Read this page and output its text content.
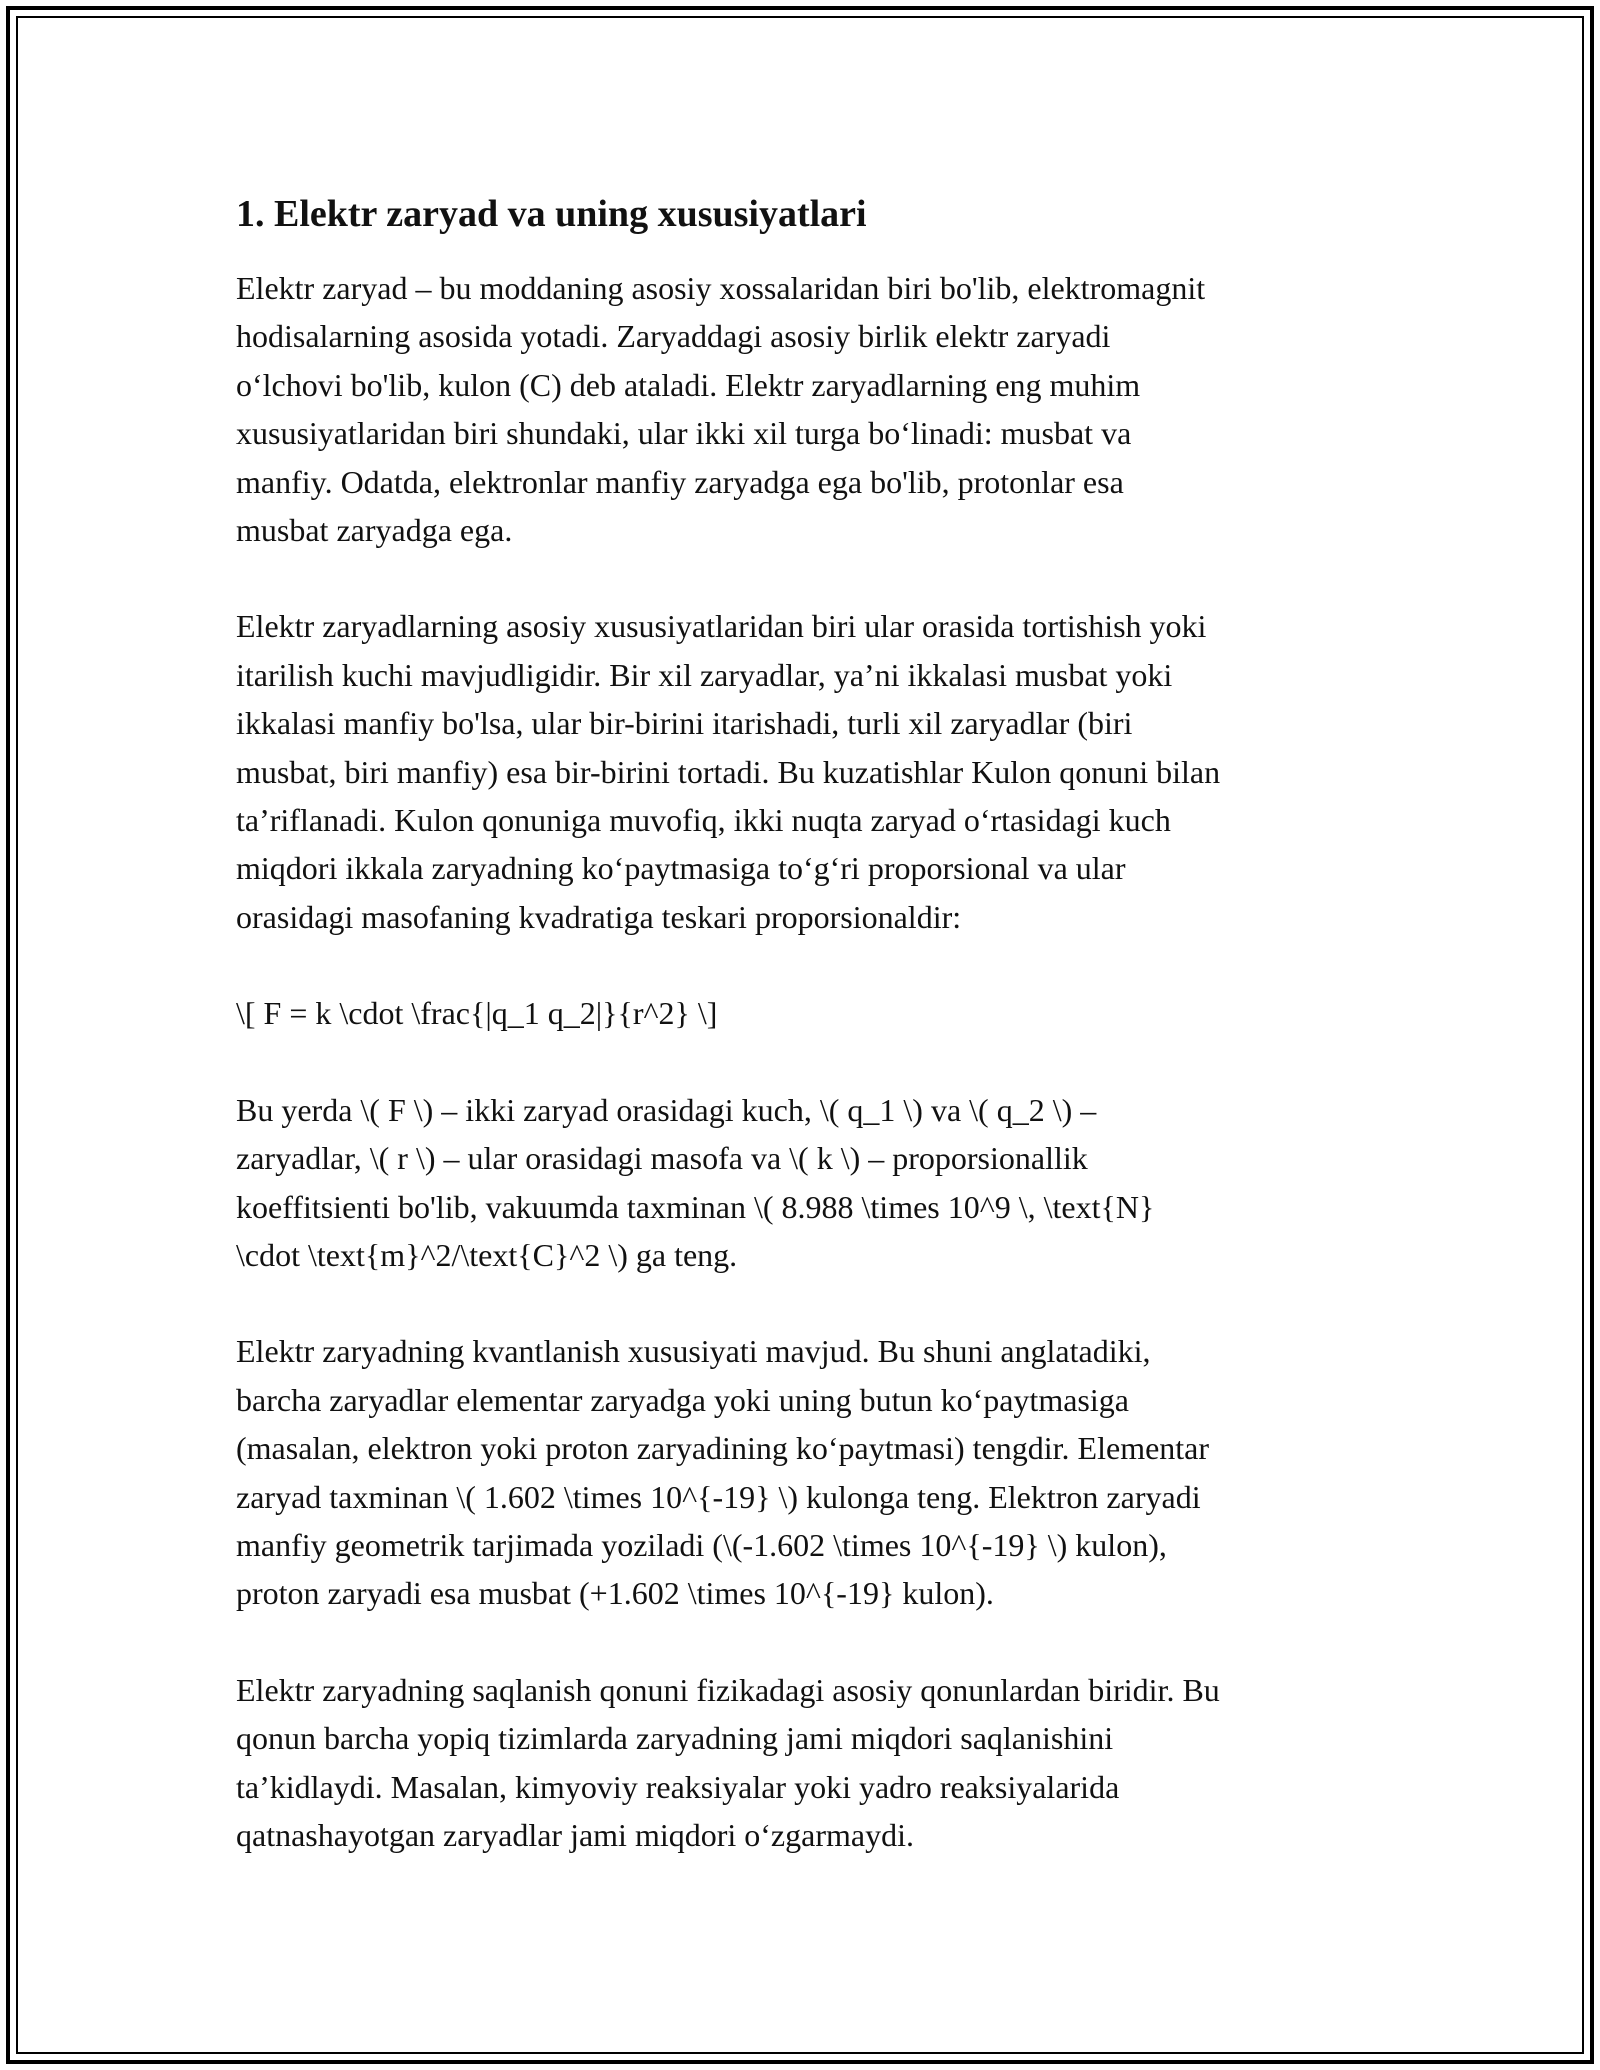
1. Elektr zaryad va uning xususiyatlari

Elektr zaryad – bu moddaning asosiy xossalaridan biri bo'lib, elektromagnit
hodisalarning asosida yotadi. Zaryaddagi asosiy birlik elektr zaryadi
o‘lchovi bo'lib, kulon (C) deb ataladi. Elektr zaryadlarning eng muhim
xususiyatlaridan biri shundaki, ular ikki xil turga bo‘linadi: musbat va
manfiy. Odatda, elektronlar manfiy zaryadga ega bo'lib, protonlar esa
musbat zaryadga ega.

Elektr zaryadlarning asosiy xususiyatlaridan biri ular orasida tortishish yoki
itarilish kuchi mavjudligidir. Bir xil zaryadlar, ya’ni ikkalasi musbat yoki
ikkalasi manfiy bo'lsa, ular bir-birini itarishadi, turli xil zaryadlar (biri
musbat, biri manfiy) esa bir-birini tortadi. Bu kuzatishlar Kulon qonuni bilan
ta’riflanadi. Kulon qonuniga muvofiq, ikki nuqta zaryad o‘rtasidagi kuch
miqdori ikkala zaryadning ko‘paytmasiga to‘g‘ri proporsional va ular
orasidagi masofaning kvadratiga teskari proporsionaldir:

\[ F = k \cdot \frac{|q_1 q_2|}{r^2} \]

Bu yerda \( F \) – ikki zaryad orasidagi kuch, \( q_1 \) va \( q_2 \) –
zaryadlar, \( r \) – ular orasidagi masofa va \( k \) – proporsionallik
koeffitsienti bo'lib, vakuumda taxminan \( 8.988 \times 10^9 \, \text{N}
\cdot \text{m}^2/\text{C}^2 \) ga teng.

Elektr zaryadning kvantlanish xususiyati mavjud. Bu shuni anglatadiki,
barcha zaryadlar elementar zaryadga yoki uning butun ko‘paytmasiga
(masalan, elektron yoki proton zaryadining ko‘paytmasi) tengdir. Elementar
zaryad taxminan \( 1.602 \times 10^{-19} \) kulonga teng. Elektron zaryadi
manfiy geometrik tarjimada yoziladi (\(-1.602 \times 10^{-19} \) kulon),
proton zaryadi esa musbat (+1.602 \times 10^{-19} kulon).

Elektr zaryadning saqlanish qonuni fizikadagi asosiy qonunlardan biridir. Bu
qonun barcha yopiq tizimlarda zaryadning jami miqdori saqlanishini
ta’kidlaydi. Masalan, kimyoviy reaksiyalar yoki yadro reaksiyalarida
qatnashayotgan zaryadlar jami miqdori o‘zgarmaydi.
